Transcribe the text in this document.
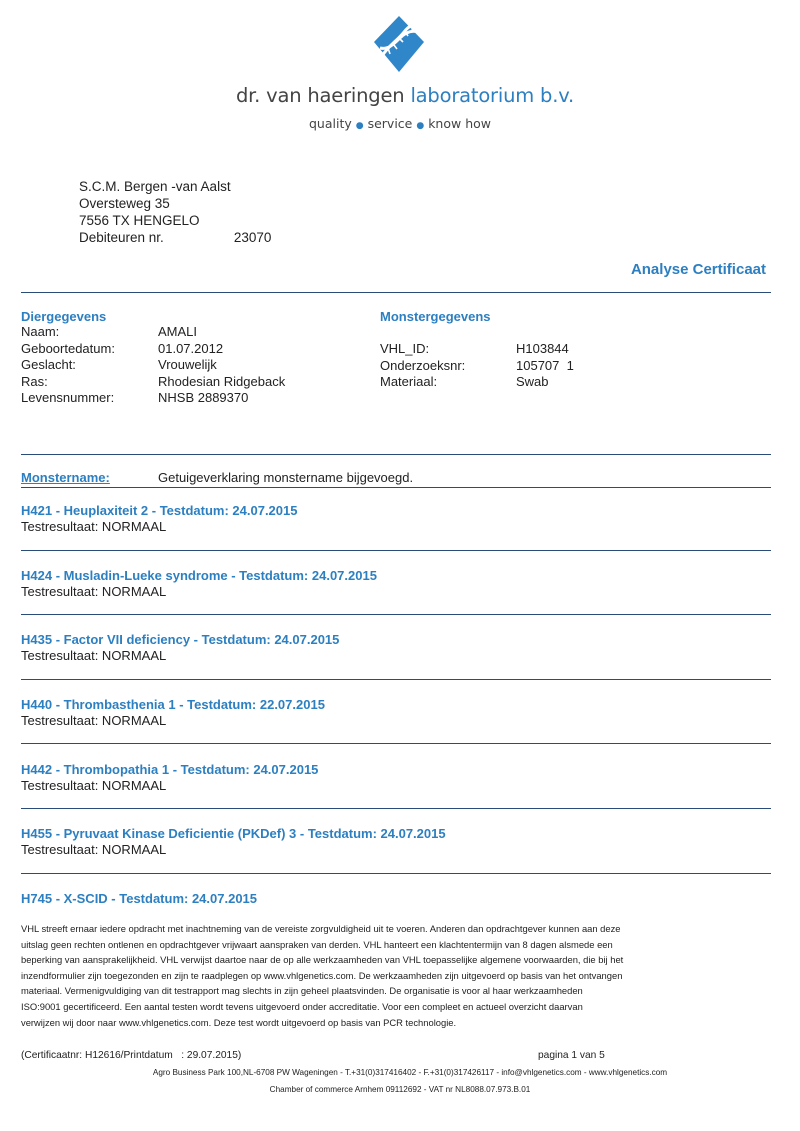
dr. van haeringen laboratorium b.v.
quality ● service ● know how
S.C.M. Bergen -van Aalst
Oversteweg 35
7556 TX HENGELO
Debiteuren nr.	23070
Analyse Certificaat
Diergegevens
Naam:	AMALI
Geboortedatum:	01.07.2012
Geslacht:	Vrouwelijk
Ras:	Rhodesian Ridgeback
Levensnummer:	NHSB 2889370
Monstergegevens
VHL_ID:	H103844
Onderzoeksnr:	105707  1
Materiaal:	Swab
Monstername:	Getuigeverklaring monstername bijgevoegd.
H421 - Heuplaxiteit 2 - Testdatum: 24.07.2015
Testresultaat: NORMAAL
H424 - Musladin-Lueke syndrome - Testdatum: 24.07.2015
Testresultaat: NORMAAL
H435 - Factor VII deficiency - Testdatum: 24.07.2015
Testresultaat: NORMAAL
H440 - Thrombasthenia 1 - Testdatum: 22.07.2015
Testresultaat: NORMAAL
H442 - Thrombopathia 1 - Testdatum: 24.07.2015
Testresultaat: NORMAAL
H455 - Pyruvaat Kinase Deficientie (PKDef) 3 - Testdatum: 24.07.2015
Testresultaat: NORMAAL
H745 - X-SCID - Testdatum: 24.07.2015
VHL streeft ernaar iedere opdracht met inachtneming van de vereiste zorgvuldigheid uit te voeren. Anderen dan opdrachtgever kunnen aan deze
uitslag geen rechten ontlenen en opdrachtgever vrijwaart aanspraken van derden. VHL hanteert een klachtentermijn van 8 dagen alsmede een
beperking van aansprakelijkheid. VHL verwijst daartoe naar de op alle werkzaamheden van VHL toepasselijke algemene voorwaarden, die bij het
inzendformulier zijn toegezonden en zijn te raadplegen op www.vhlgenetics.com. De werkzaamheden zijn uitgevoerd op basis van het ontvangen
materiaal. Vermenigvuldiging van dit testrapport mag slechts in zijn geheel plaatsvinden. De organisatie is voor al haar werkzaamheden
ISO:9001 gecertificeerd. Een aantal testen wordt tevens uitgevoerd onder accreditatie. Voor een compleet en actueel overzicht daarvan
verwijzen wij door naar www.vhlgenetics.com. Deze test wordt uitgevoerd op basis van PCR technologie.
(Certificaatnr: H12616/Printdatum   : 29.07.2015)	pagina 1 van 5
Agro Business Park 100,NL-6708 PW Wageningen - T.+31(0)317416402 - F.+31(0)317426117 - info@vhlgenetics.com - www.vhlgenetics.com
Chamber of commerce Arnhem 09112692 - VAT nr NL8088.07.973.B.01
